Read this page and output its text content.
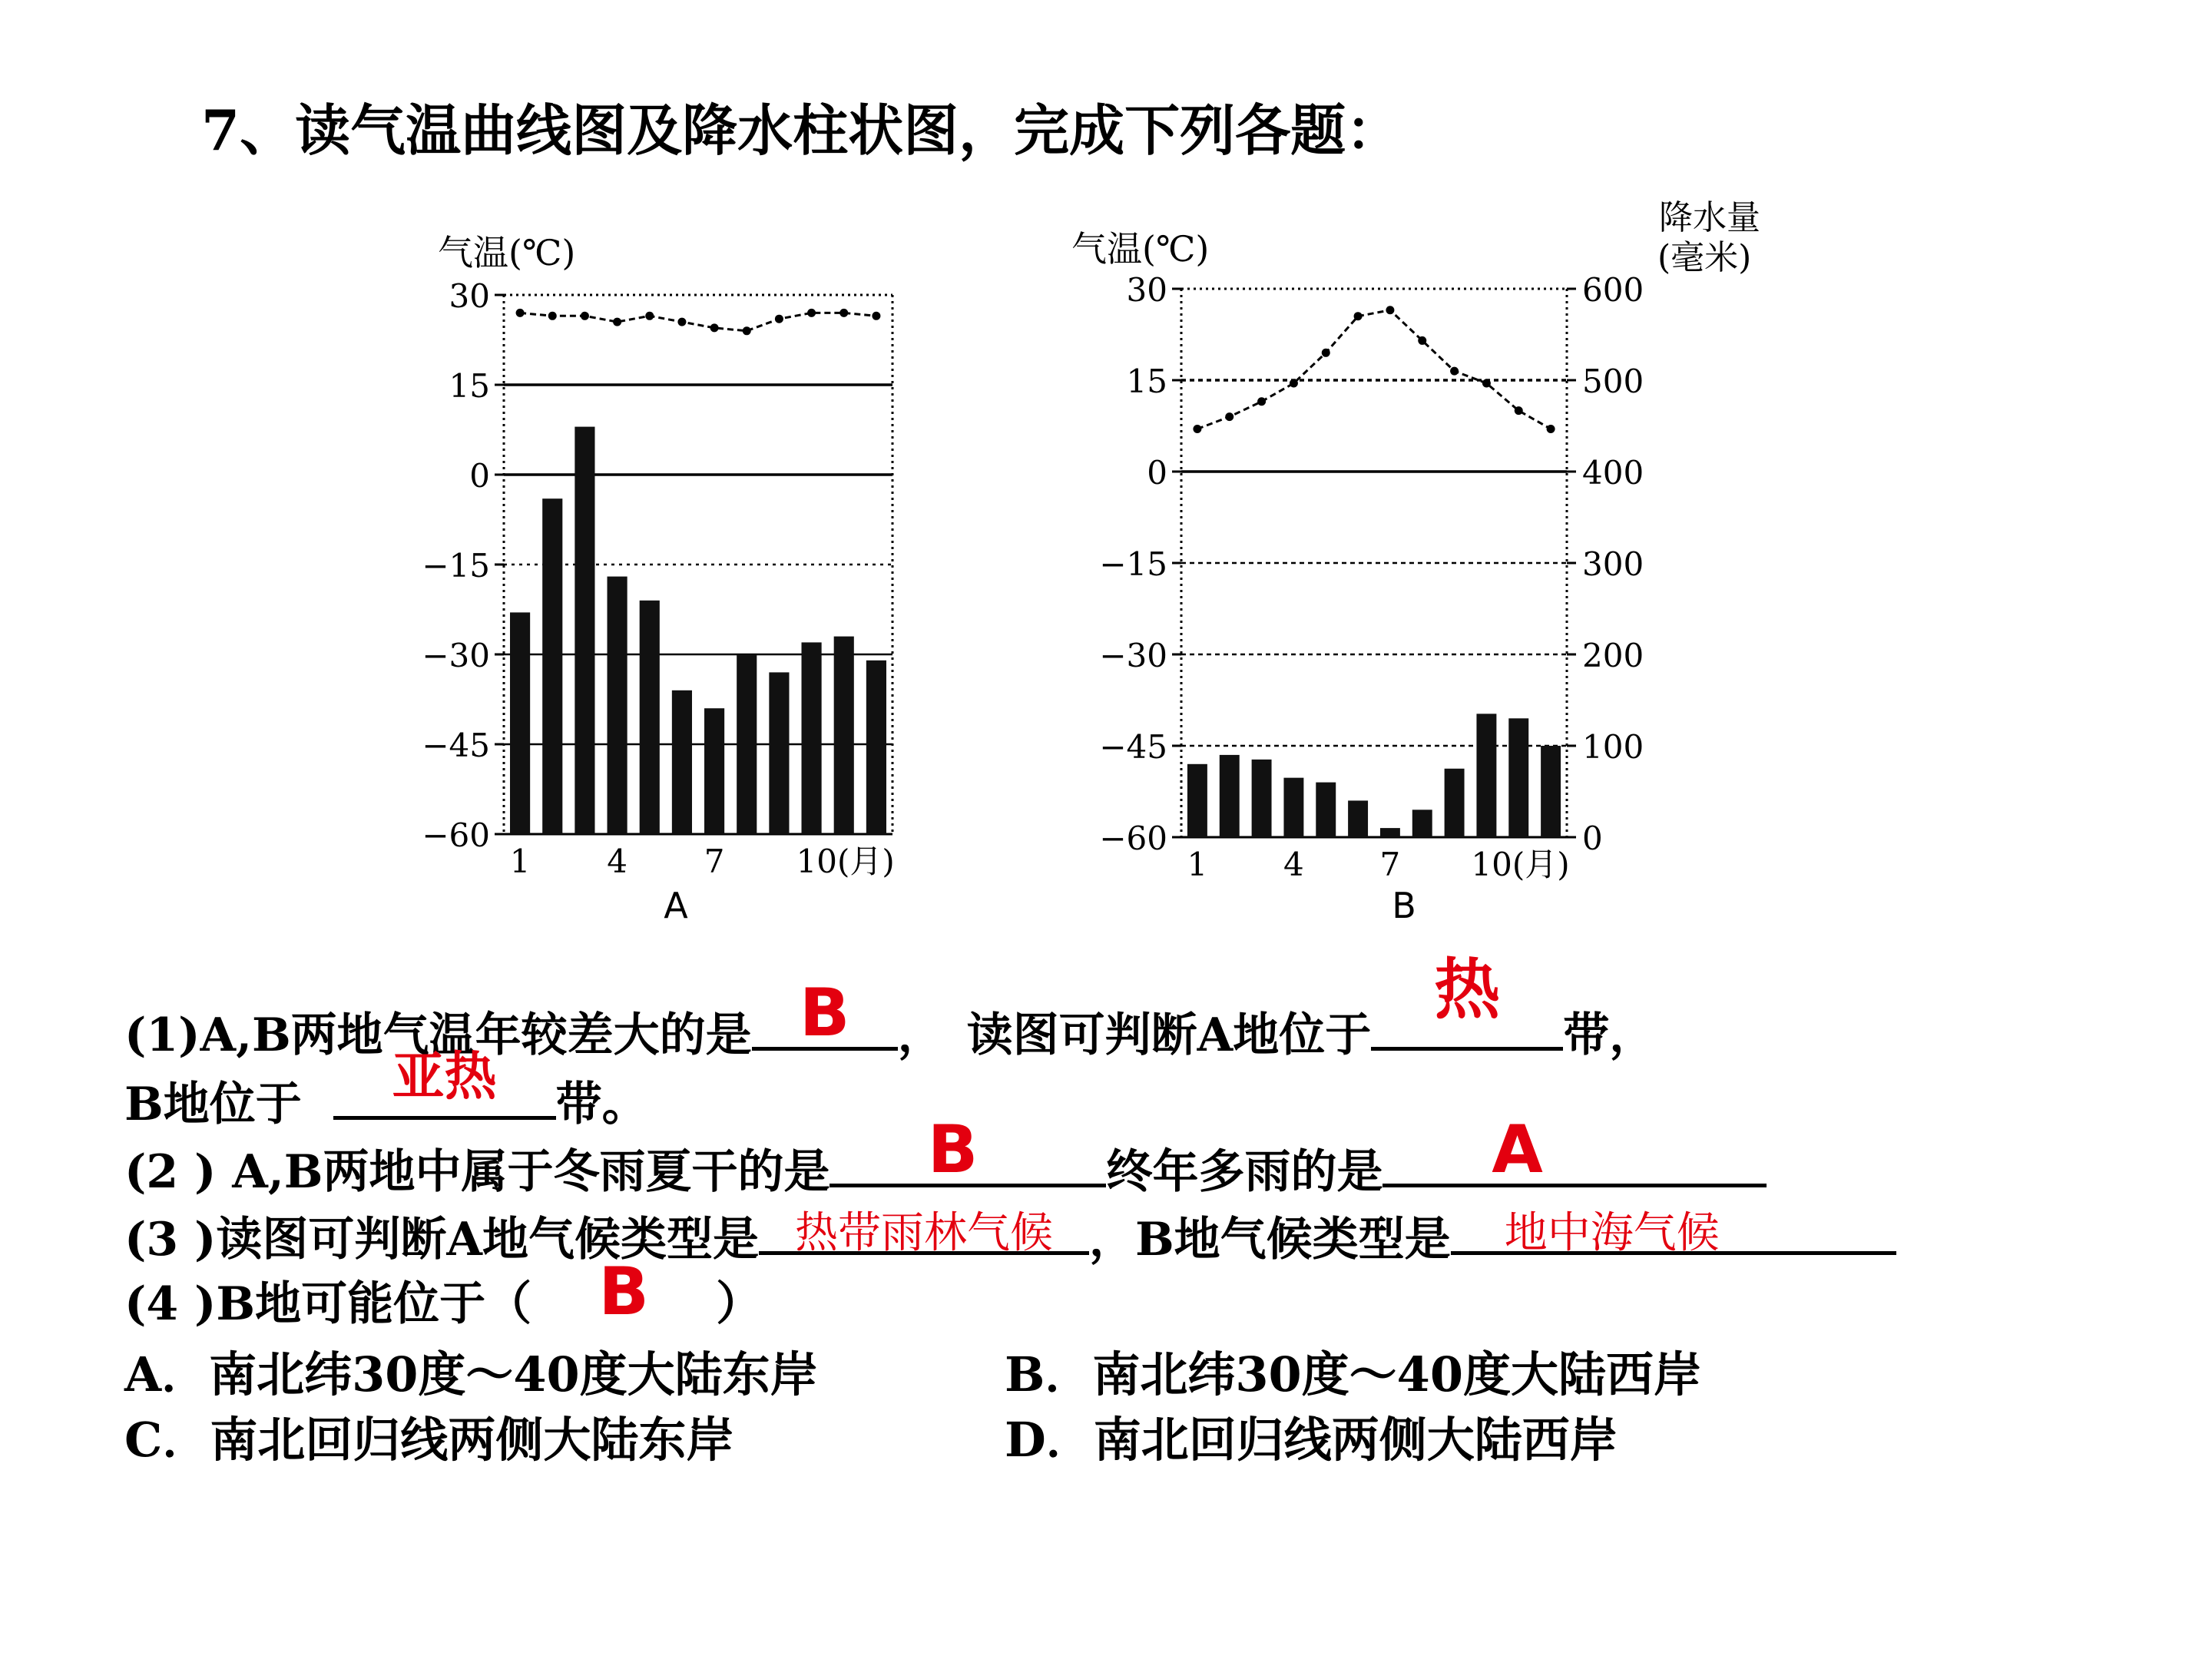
7、读气温曲线图及降水柱状图，完成下列各题：
气温(℃)
30
15
0
−15
−30
−45
−60
1 4 7 10(月)
A
气温(℃)
降水量
(毫米)
30
15
0
−15
−30
−45
−60
600
500
400
300
200
100
0
1 4 7 10(月)
B
(1)A,B两地气温年较差大的是 B	，　读图可判断A地位于
热
带，
B地位于	亚热	带。
(2 ) A,B两地中属于冬雨夏干的是	B	终年多雨的是	A
(3 )读图可判断A地气候类型是 热带雨林气候 ，B地气候类型是	地中海气候
(4 )B地可能位于（	B	）
A．南北纬30度～40度大陆东岸	B．南北纬30度～40度大陆西岸
C．南北回归线两侧大陆东岸	D．南北回归线两侧大陆西岸
